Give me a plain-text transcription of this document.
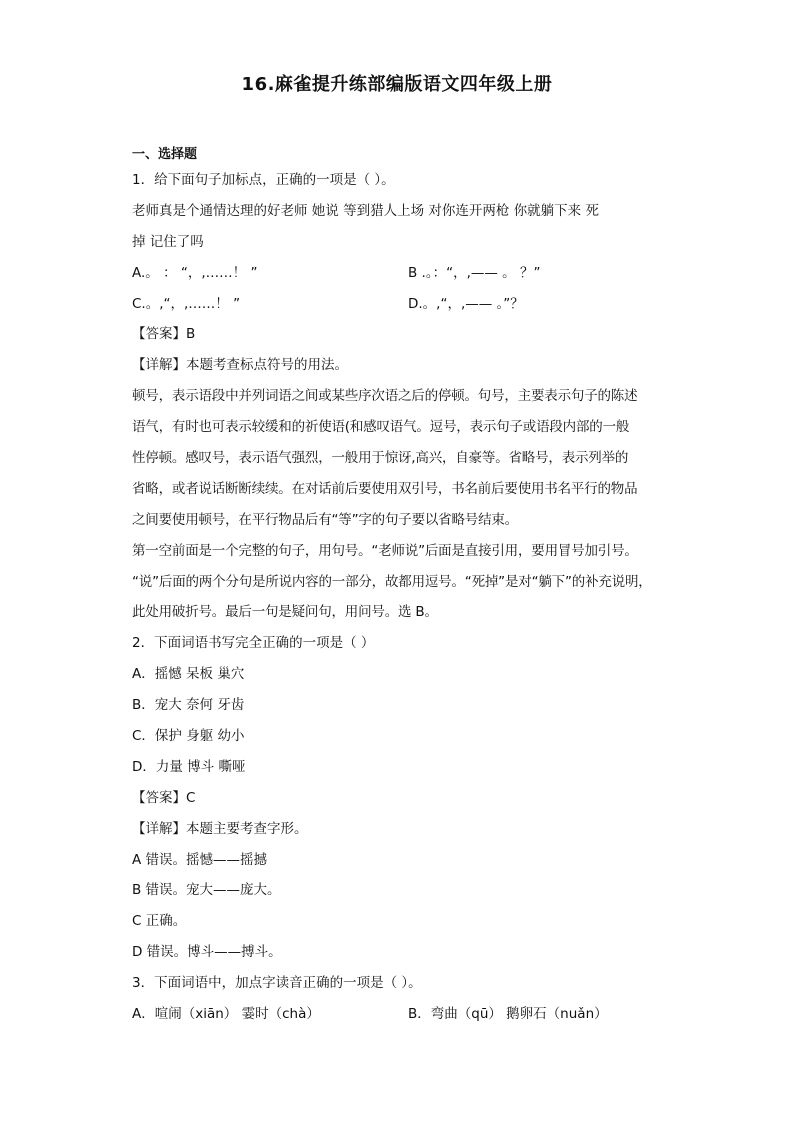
16.麻雀提升练部编版语文四年级上册
一、选择题
1．给下面句子加标点，正确的一项是（ ）。
老师真是个通情达理的好老师 她说 等到猎人上场 对你连开两枪 你就躺下来 死
掉 记住了吗
A.。 ： “，,……！ ”	B .。：“，,—— 。 ？”
C.。,“，,……！ ”	D.。,“，,—— 。”？
【答案】B
【详解】本题考查标点符号的用法。
顿号，表示语段中并列词语之间或某些序次语之后的停顿。句号，主要表示句子的陈述
语气，有时也可表示较缓和的祈使语(和感叹语气。逗号，表示句子或语段内部的一般
性停顿。感叹号，表示语气强烈，一般用于惊讶,高兴，自豪等。省略号，表示列举的
省略，或者说话断断续续。在对话前后要使用双引号，书名前后要使用书名平行的物品
之间要使用顿号，在平行物品后有“等”字的句子要以省略号结束。
第一空前面是一个完整的句子，用句号。“老师说”后面是直接引用，要用冒号加引号。
“说”后面的两个分句是所说内容的一部分，故都用逗号。“死掉”是对“躺下”的补充说明，
此处用破折号。最后一句是疑问句，用问号。选 B。
2．下面词语书写完全正确的一项是（ ）
A．摇憾 呆板 巢穴
B．宠大 奈何 牙齿
C．保护 身躯 幼小
D．力量 博斗 嘶哑
【答案】C
【详解】本题主要考查字形。
A 错误。摇憾——摇撼
B 错误。宠大——庞大。
C 正确。
D 错误。博斗——搏斗。
3．下面词语中，加点字读音正确的一项是（ ）。
A．喧闹（xiān） 霎时（chà）	B．弯曲（qū） 鹅卵石（nuǎn）
